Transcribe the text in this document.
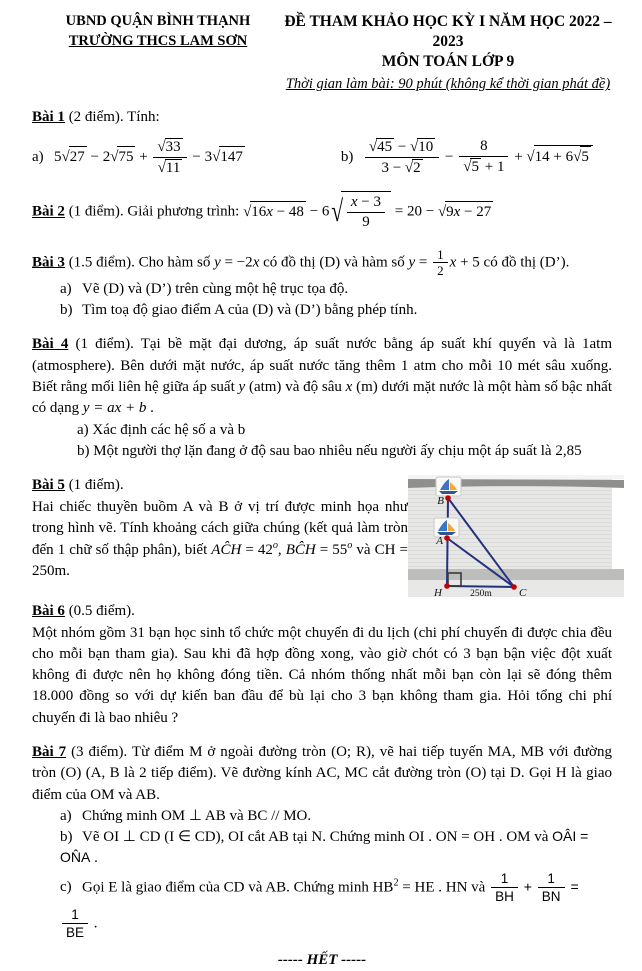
UBND QUẬN BÌNH THẠNH
TRƯỜNG THCS LAM SƠN
ĐỀ THAM KHẢO HỌC KỲ I NĂM HỌC 2022 – 2023
MÔN TOÁN LỚP 9
Thời gian làm bài: 90 phút (không kể thời gian phát đề)
Bài 1 (2 điểm). Tính:
a) $5√27 - 2√75 + \frac{√33}{√11} - 3√147$	$b) \frac{√45 - √10}{3 - √2} - \frac{8}{√5 + 1} + √14 + 6√5$
Bài 2 (1 điểm). Giải phương trình: √16x − 48 − 6 √ $\frac{x - 3}{9} = 20 - √9x - 27$
Bài 3 (1.5 điểm). Cho hàm số y = −2x có đồ thị (D) và hàm số $y = \frac{1}{2}$ x + 5 có đồ thị (D’).
a) Vẽ (D) và (D’) trên cùng một hệ trục tọa độ.
b) Tìm toạ độ giao điểm A của (D) và (D’) bằng phép tính.
Bài 4 (1 điểm). Tại bề mặt đại dương, áp suất nước bằng áp suất khí quyển và là 1atm (atmosphere). Bên dưới mặt nước, áp suất nước tăng thêm 1 atm cho mỗi 10 mét sâu xuống. Biết rằng mối liên hệ giữa áp suất y (atm) và độ sâu x (m) dưới mặt nước là một hàm số bậc nhất có dạng y = ax + b .
a) Xác định các hệ số a và b
b) Một người thợ lặn đang ở độ sau bao nhiêu nếu người ấy chịu một áp suất là 2,85
Bài 5 (1 điểm).
Hai chiếc thuyền buồm A và B ở vị trí được minh họa như trong hình vẽ. Tính khoảng cách giữa chúng (kết quả làm tròn đến 1 chữ số thập phân), biết AĈH = $42^o$, BĈH = $55^o$ và CH = 250m.
B
A
H	C
250m
Bài 6 (0.5 điểm).
Một nhóm gồm 31 bạn học sinh tổ chức một chuyến đi du lịch (chi phí chuyến đi được chia đều cho mỗi bạn tham gia). Sau khi đã hợp đồng xong, vào giờ chót có 3 bạn bận việc đột xuất không đi được nên họ không đóng tiền. Cả nhóm thống nhất mỗi bạn còn lại sẽ đóng thêm 18.000 đồng so với dự kiến ban đầu để bù lại cho 3 bạn không tham gia. Hỏi tổng chi phí chuyến đi là bao nhiêu ?
Bài 7 (3 điểm). Từ điểm M ở ngoài đường tròn (O; R), vẽ hai tiếp tuyến MA, MB với đường tròn (O) (A, B là 2 tiếp điểm). Vẽ đường kính AC, MC cắt đường tròn (O) tại D. Gọi H là giao điểm của OM và AB.
a) Chứng minh OM ⊥ AB và BC // MO.
b) Vẽ OI ⊥ CD (I ∈ CD), OI cắt AB tại N. Chứng minh OI . ON = OH . OM và OÂI = ON̂A .
c) Gọi E là giao điểm của CD và AB. Chứng minh $HB^2$ = HE . HN và $\frac{1}{BH} + \frac{1}{BN}$ =
$\frac{1}{BE}$ .
----- HẾT -----
